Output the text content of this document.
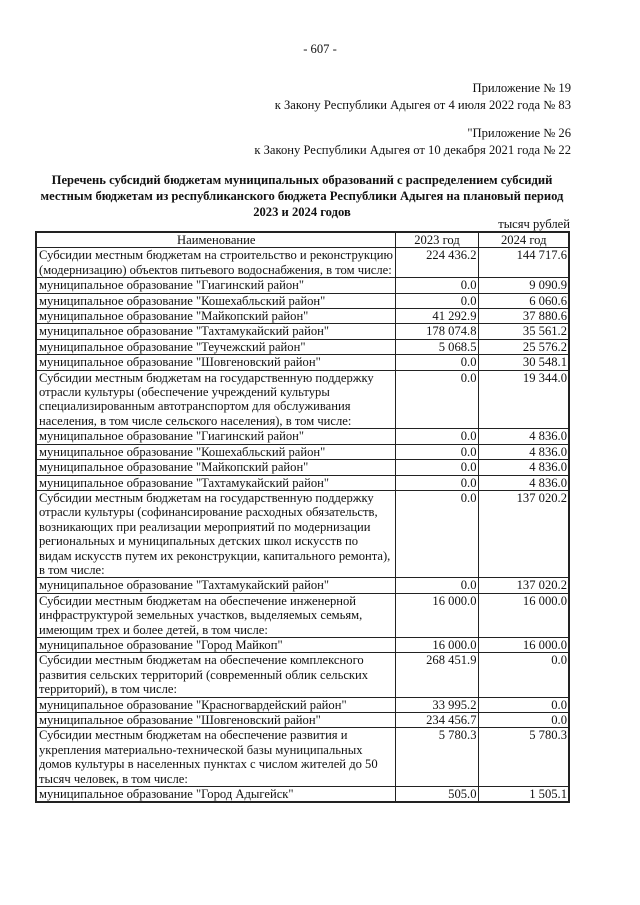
- 607 -
Приложение № 19
к Закону Республики Адыгея от 4 июля 2022 года № 83
"Приложение № 26
к Закону Республики Адыгея от 10 декабря 2021 года № 22
Перечень субсидий бюджетам муниципальных образований с распределением субсидий местным бюджетам из республиканского бюджета Республики Адыгея на плановый период 2023 и 2024 годов
тысяч рублей
Наименование	2023 год	2024 год
Субсидии местным бюджетам на строительство и реконструкцию (модернизацию) объектов питьевого водоснабжения, в том числе:	224 436.2	144 717.6
муниципальное образование "Гиагинский район"	0.0	9 090.9
муниципальное образование "Кошехабльский район"	0.0	6 060.6
муниципальное образование "Майкопский район"	41 292.9	37 880.6
муниципальное образование "Тахтамукайский район"	178 074.8	35 561.2
муниципальное образование "Теучежский район"	5 068.5	25 576.2
муниципальное образование "Шовгеновский район"	0.0	30 548.1
Субсидии местным бюджетам на государственную поддержку отрасли культуры (обеспечение учреждений культуры специализированным автотранспортом для обслуживания населения, в том числе сельского населения), в том числе:	0.0	19 344.0
муниципальное образование "Гиагинский район"	0.0	4 836.0
муниципальное образование "Кошехабльский район"	0.0	4 836.0
муниципальное образование "Майкопский район"	0.0	4 836.0
муниципальное образование "Тахтамукайский район"	0.0	4 836.0
Субсидии местным бюджетам на государственную поддержку отрасли культуры (софинансирование расходных обязательств, возникающих при реализации мероприятий по модернизации региональных и муниципальных детских школ искусств по видам искусств путем их реконструкции, капитального ремонта), в том числе:	0.0	137 020.2
муниципальное образование "Тахтамукайский район"	0.0	137 020.2
Субсидии местным бюджетам на обеспечение инженерной инфраструктурой земельных участков, выделяемых семьям, имеющим трех и более детей, в том числе:	16 000.0	16 000.0
муниципальное образование "Город Майкоп"	16 000.0	16 000.0
Субсидии местным бюджетам на обеспечение комплексного развития сельских территорий (современный облик сельских территорий), в том числе:	268 451.9	0.0
муниципальное образование "Красногвардейский район"	33 995.2	0.0
муниципальное образование "Шовгеновский район"	234 456.7	0.0
Субсидии местным бюджетам на обеспечение развития и укрепления материально-технической базы муниципальных домов культуры в населенных пунктах с числом жителей до 50 тысяч человек, в том числе:	5 780.3	5 780.3
муниципальное образование "Город Адыгейск"	505.0	1 505.1
